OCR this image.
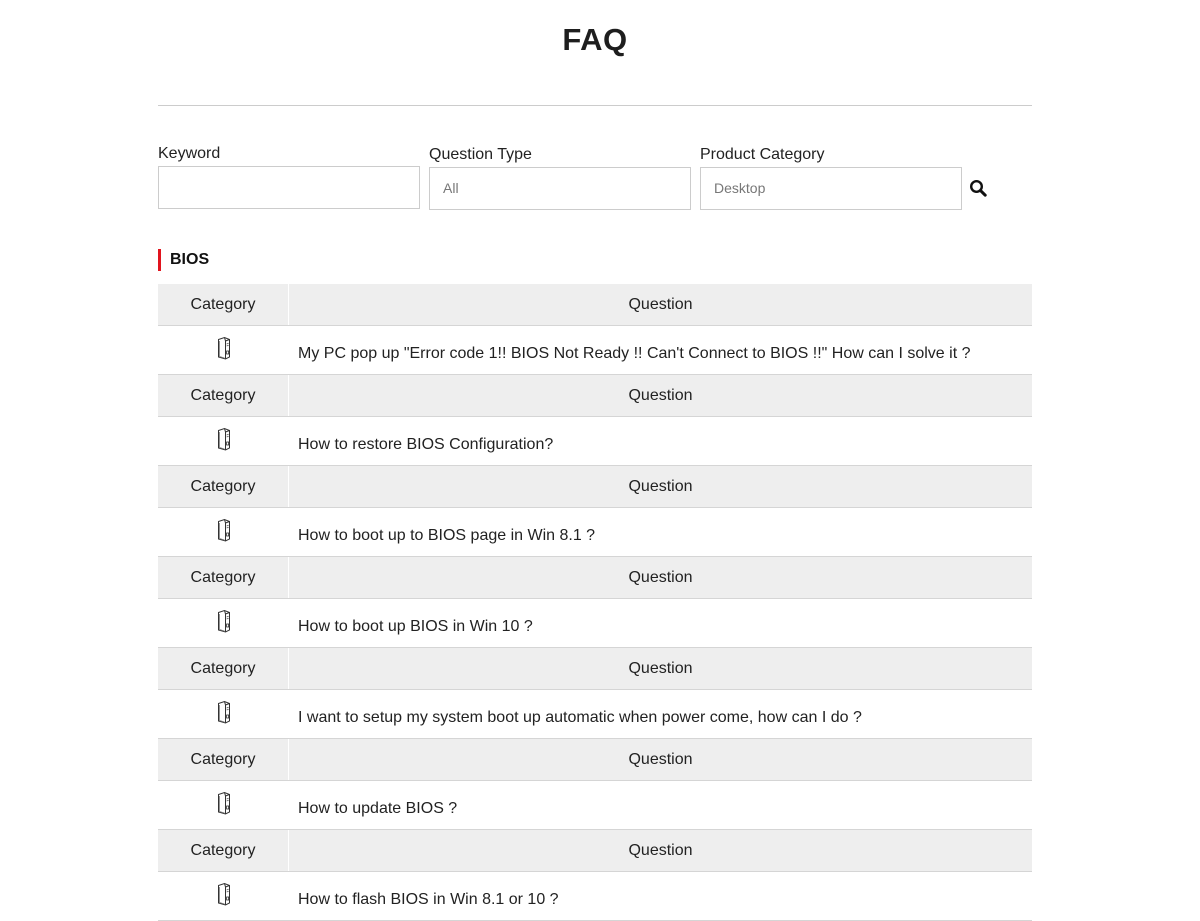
FAQ
Keyword	Question Type
All
Product Category
Desktop
BIOS
Category	Question
My PC pop up "Error code 1!! BIOS Not Ready !! Can't Connect to BIOS !!" How can I solve it ?
Category	Question
How to restore BIOS Configuration?
Category	Question
How to boot up to BIOS page in Win 8.1 ?
Category	Question
How to boot up BIOS in Win 10 ?
Category	Question
I want to setup my system boot up automatic when power come, how can I do ?
Category	Question
How to update BIOS ?
Category	Question
How to flash BIOS in Win 8.1 or 10 ?
